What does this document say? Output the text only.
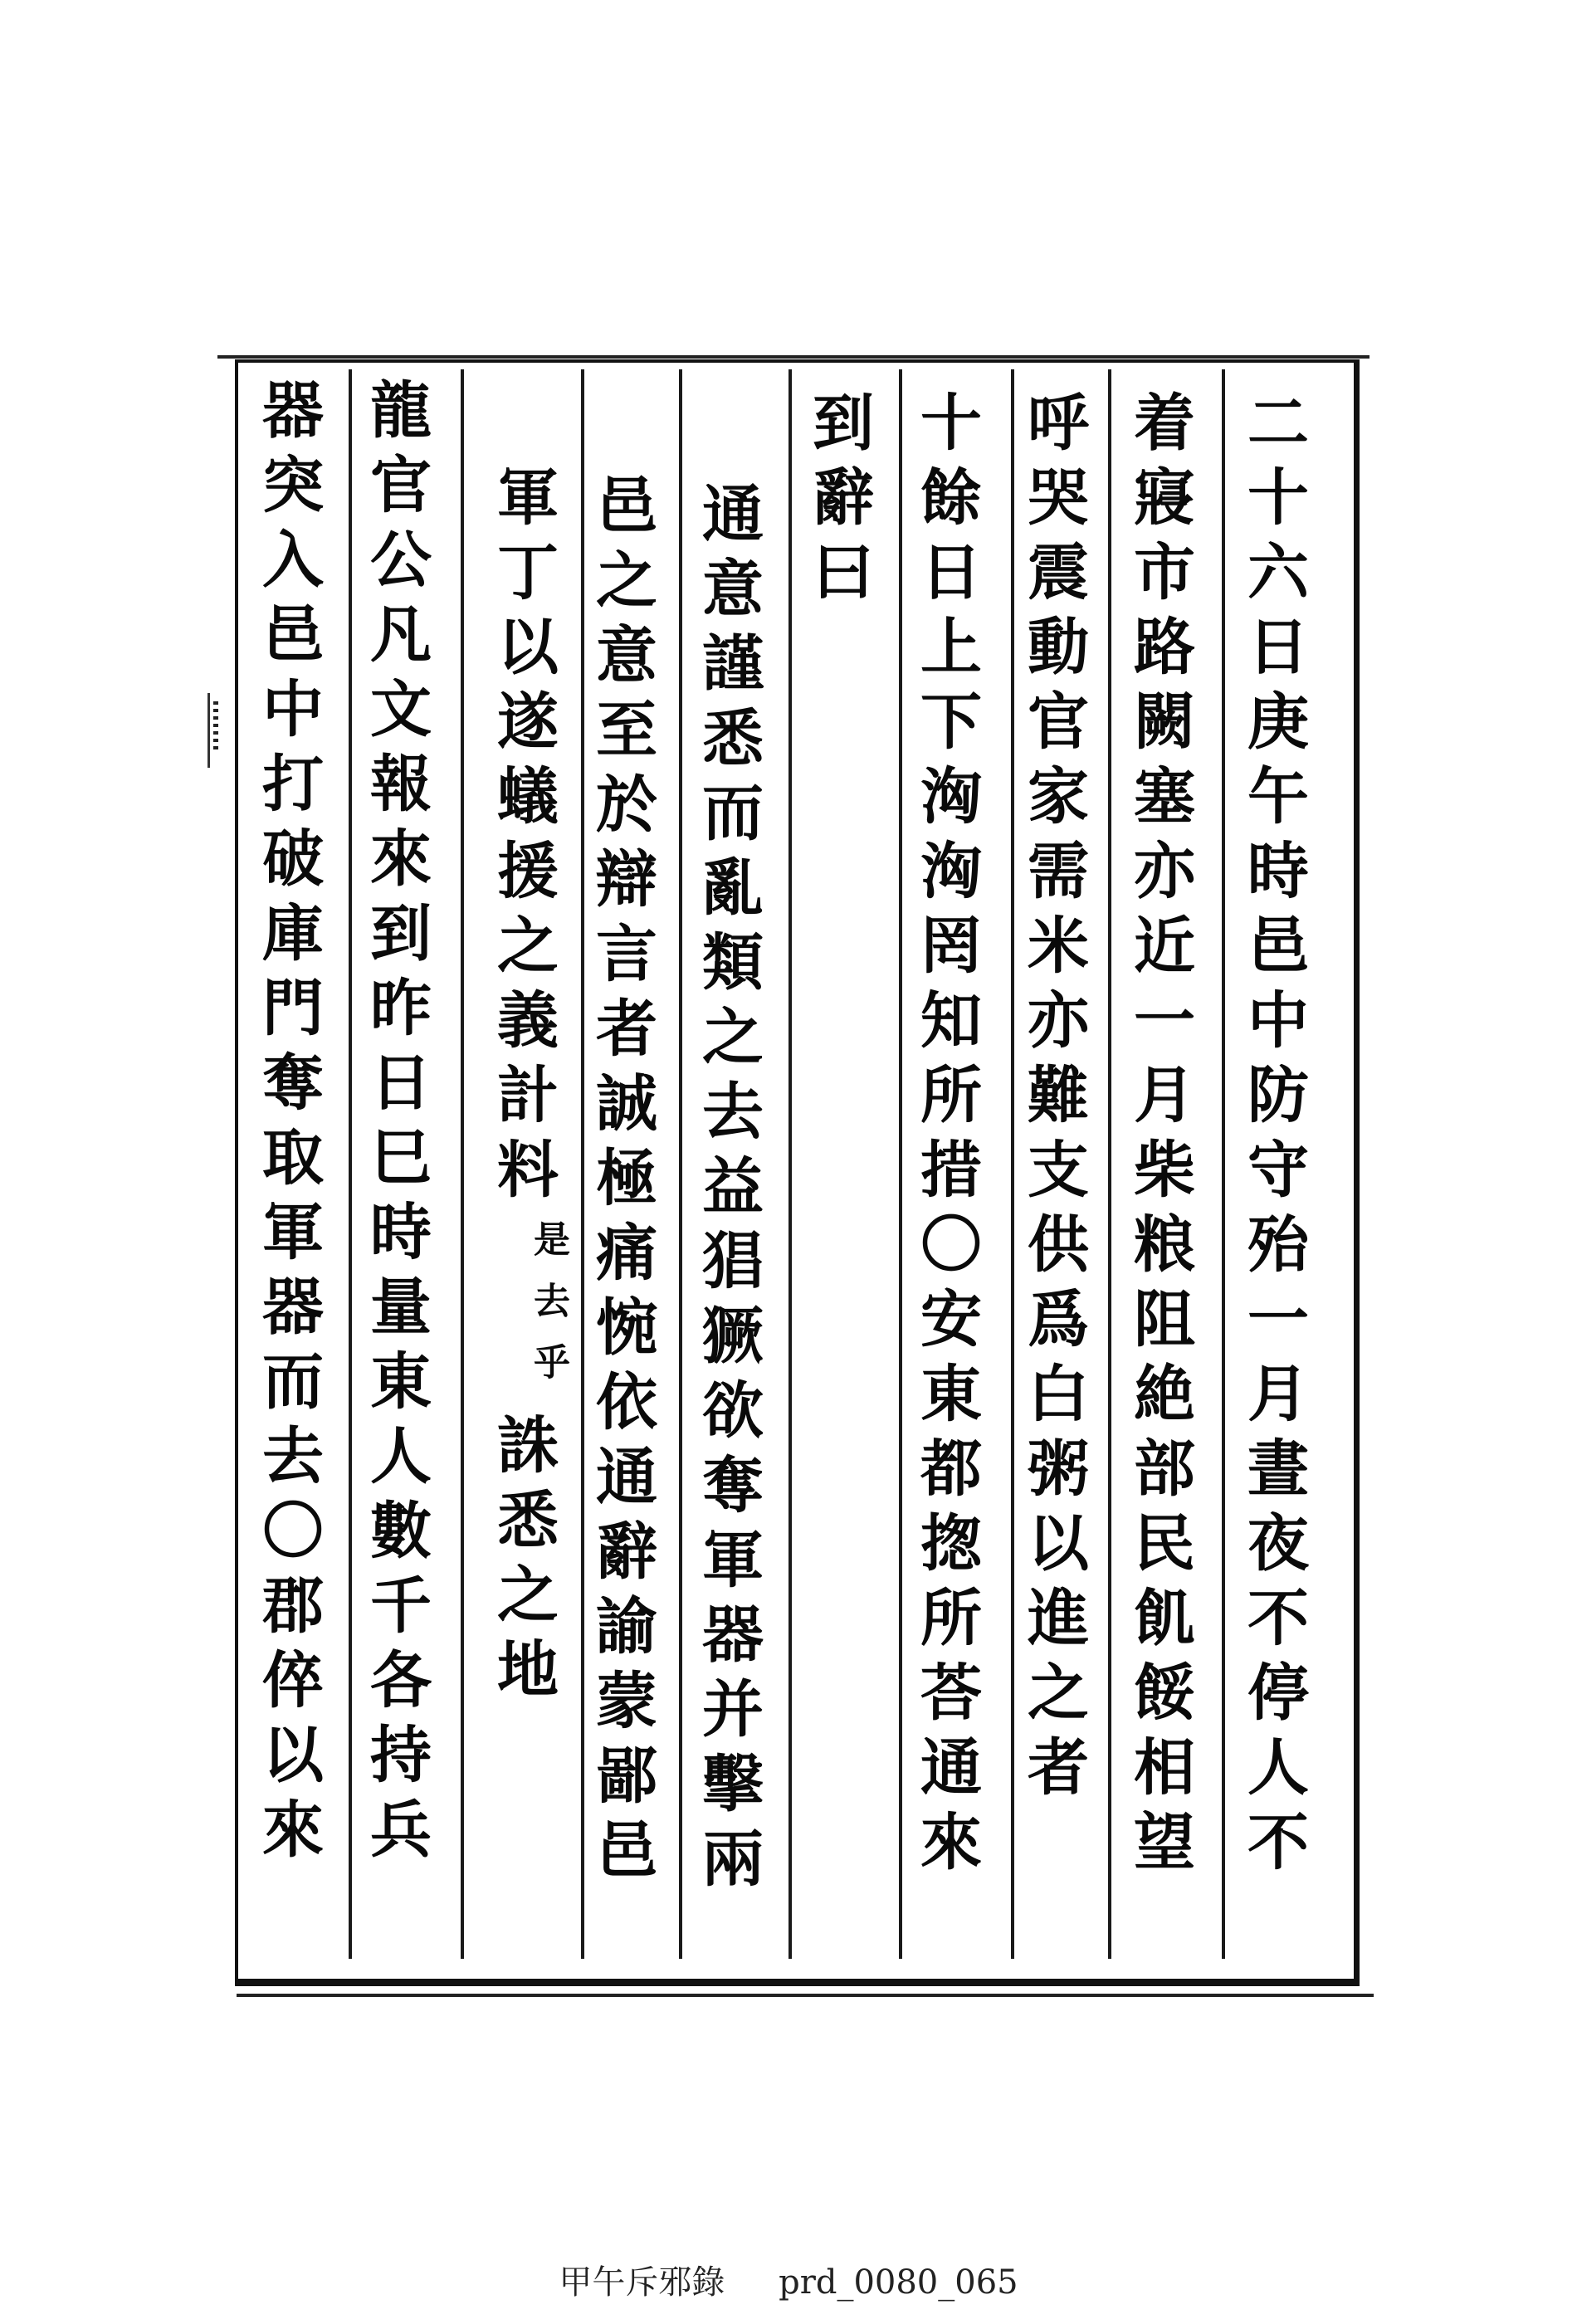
二十六日庚午時邑中防守殆一月晝夜不停人不
着寢市路闕塞亦近一月柴粮阻絶部民飢餒相望
呼哭震動官家需米亦難支供爲白粥以進之者
十餘日上下洶洶罔知所措〇安東都揔所荅通來
到辭曰
通意謹悉而亂類之去益猖獗欲奪軍器并擊兩
邑之意至於辯言者誠極痛惋依通辭諭蒙鄙邑
軍丁以遂蟻援之義計料
是去乎
誅悉之地
龍官公凡文報來到昨日巳時量東人數千各持兵
器突入邑中打破庫門奪取軍器而去〇郡倅以來
甲午斥邪錄 prd_0080_065
